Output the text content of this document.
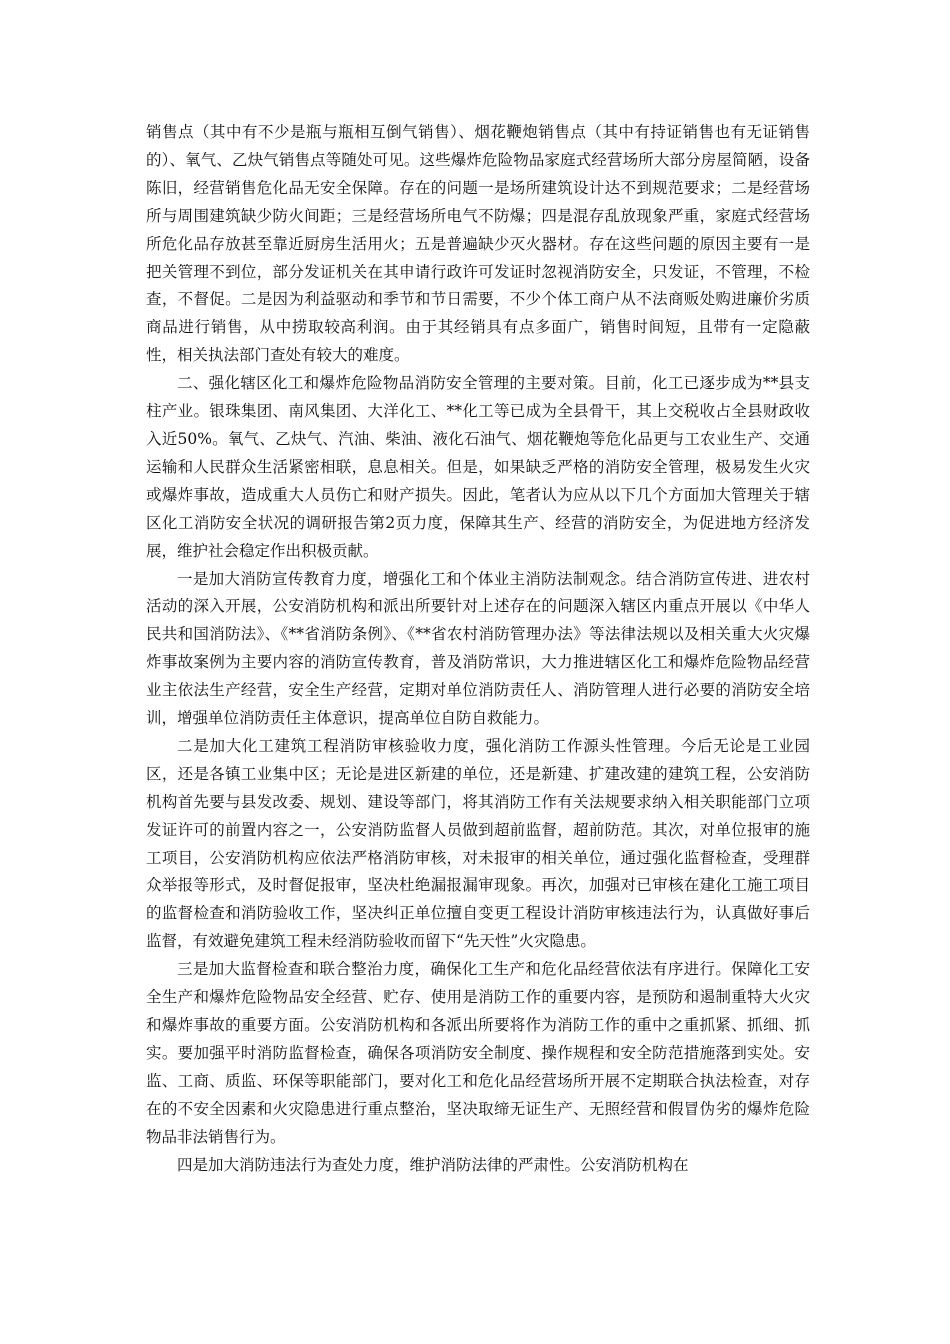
销售点（其中有不少是瓶与瓶相互倒气销售）、烟花鞭炮销售点（其中有持证销售也有无证销售的）、氧气、乙炔气销售点等随处可见。这些爆炸危险物品家庭式经营场所大部分房屋简陋，设备陈旧，经营销售危化品无安全保障。存在的问题一是场所建筑设计达不到规范要求；二是经营场所与周围建筑缺少防火间距；三是经营场所电气不防爆；四是混存乱放现象严重，家庭式经营场所危化品存放甚至靠近厨房生活用火；五是普遍缺少灭火器材。存在这些问题的原因主要有一是把关管理不到位，部分发证机关在其申请行政许可发证时忽视消防安全，只发证，不管理，不检查，不督促。二是因为利益驱动和季节和节日需要，不少个体工商户从不法商贩处购进廉价劣质商品进行销售，从中捞取较高利润。由于其经销具有点多面广，销售时间短，且带有一定隐蔽性，相关执法部门查处有较大的难度。

二、强化辖区化工和爆炸危险物品消防安全管理的主要对策。目前，化工已逐步成为**县支柱产业。银珠集团、南风集团、大洋化工、**化工等已成为全县骨干，其上交税收占全县财政收入近50%。氧气、乙炔气、汽油、柴油、液化石油气、烟花鞭炮等危化品更与工农业生产、交通运输和人民群众生活紧密相联，息息相关。但是，如果缺乏严格的消防安全管理，极易发生火灾或爆炸事故，造成重大人员伤亡和财产损失。因此，笔者认为应从以下几个方面加大管理关于辖区化工消防安全状况的调研报告第2页力度，保障其生产、经营的消防安全，为促进地方经济发展，维护社会稳定作出积极贡献。

一是加大消防宣传教育力度，增强化工和个体业主消防法制观念。结合消防宣传进、进农村活动的深入开展，公安消防机构和派出所要针对上述存在的问题深入辖区内重点开展以《中华人民共和国消防法》、《**省消防条例》、《**省农村消防管理办法》等法律法规以及相关重大火灾爆炸事故案例为主要内容的消防宣传教育，普及消防常识，大力推进辖区化工和爆炸危险物品经营业主依法生产经营，安全生产经营，定期对单位消防责任人、消防管理人进行必要的消防安全培训，增强单位消防责任主体意识，提高单位自防自救能力。

二是加大化工建筑工程消防审核验收力度，强化消防工作源头性管理。今后无论是工业园区，还是各镇工业集中区；无论是进区新建的单位，还是新建、扩建改建的建筑工程，公安消防机构首先要与县发改委、规划、建设等部门，将其消防工作有关法规要求纳入相关职能部门立项发证许可的前置内容之一，公安消防监督人员做到超前监督，超前防范。其次，对单位报审的施工项目，公安消防机构应依法严格消防审核，对未报审的相关单位，通过强化监督检查，受理群众举报等形式，及时督促报审，坚决杜绝漏报漏审现象。再次，加强对已审核在建化工施工项目的监督检查和消防验收工作，坚决纠正单位擅自变更工程设计消防审核违法行为，认真做好事后监督，有效避免建筑工程未经消防验收而留下“先天性”火灾隐患。

三是加大监督检查和联合整治力度，确保化工生产和危化品经营依法有序进行。保障化工安全生产和爆炸危险物品安全经营、贮存、使用是消防工作的重要内容，是预防和遏制重特大火灾和爆炸事故的重要方面。公安消防机构和各派出所要将作为消防工作的重中之重抓紧、抓细、抓实。要加强平时消防监督检查，确保各项消防安全制度、操作规程和安全防范措施落到实处。安监、工商、质监、环保等职能部门，要对化工和危化品经营场所开展不定期联合执法检查，对存在的不安全因素和火灾隐患进行重点整治，坚决取缔无证生产、无照经营和假冒伪劣的爆炸危险物品非法销售行为。

四是加大消防违法行为查处力度，维护消防法律的严肃性。公安消防机构在
